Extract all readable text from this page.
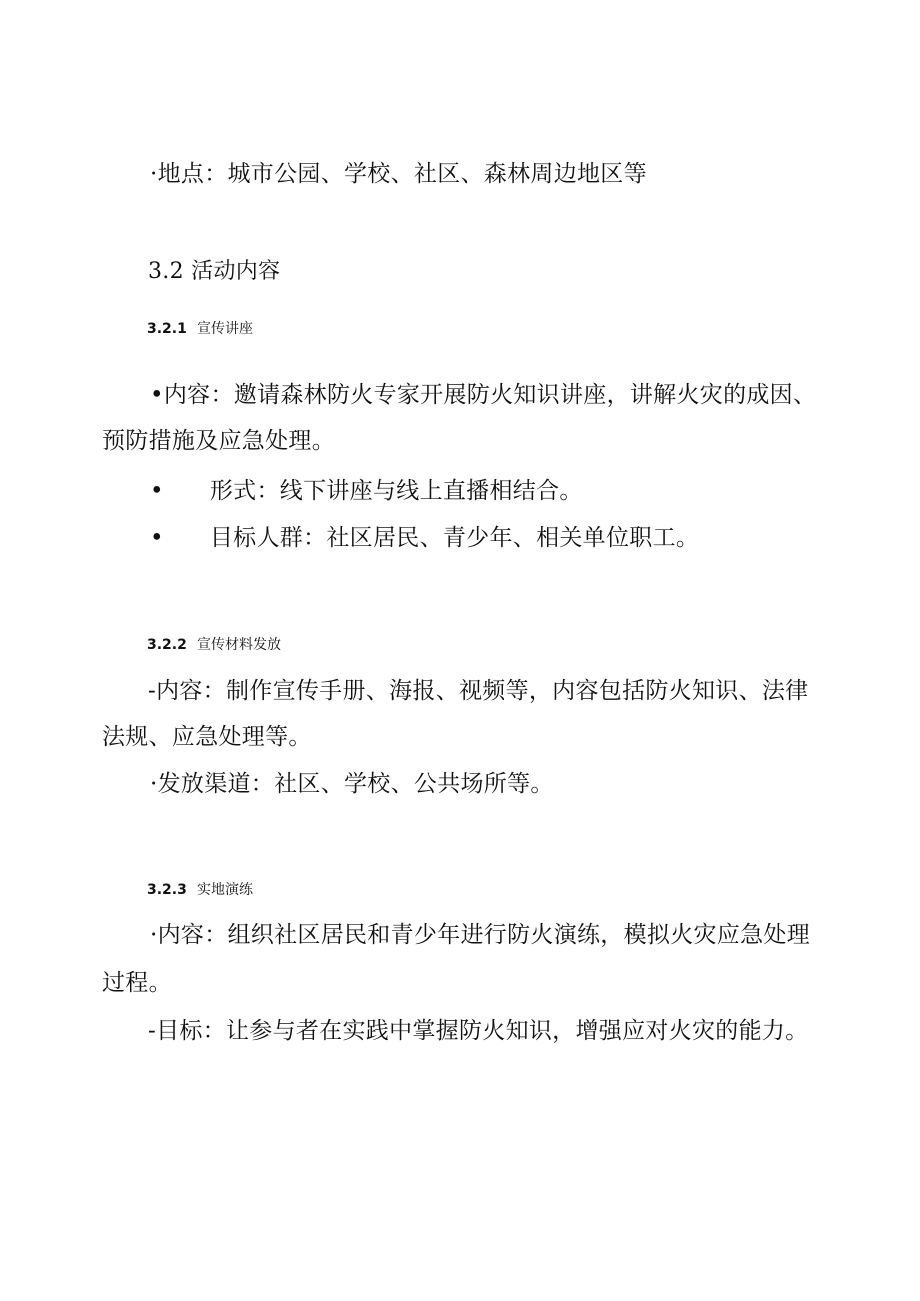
·地点：城市公园、学校、社区、森林周边地区等
3.2 活动内容
3.2.1 宣传讲座
•内容：邀请森林防火专家开展防火知识讲座，讲解火灾的成因、
预防措施及应急处理。
• 形式：线下讲座与线上直播相结合。
• 目标人群：社区居民、青少年、相关单位职工。
3.2.2 宣传材料发放
-内容：制作宣传手册、海报、视频等，内容包括防火知识、法律
法规、应急处理等。
·发放渠道：社区、学校、公共场所等。
3.2.3 实地演练
·内容：组织社区居民和青少年进行防火演练，模拟火灾应急处理
过程。
-目标：让参与者在实践中掌握防火知识，增强应对火灾的能力。
